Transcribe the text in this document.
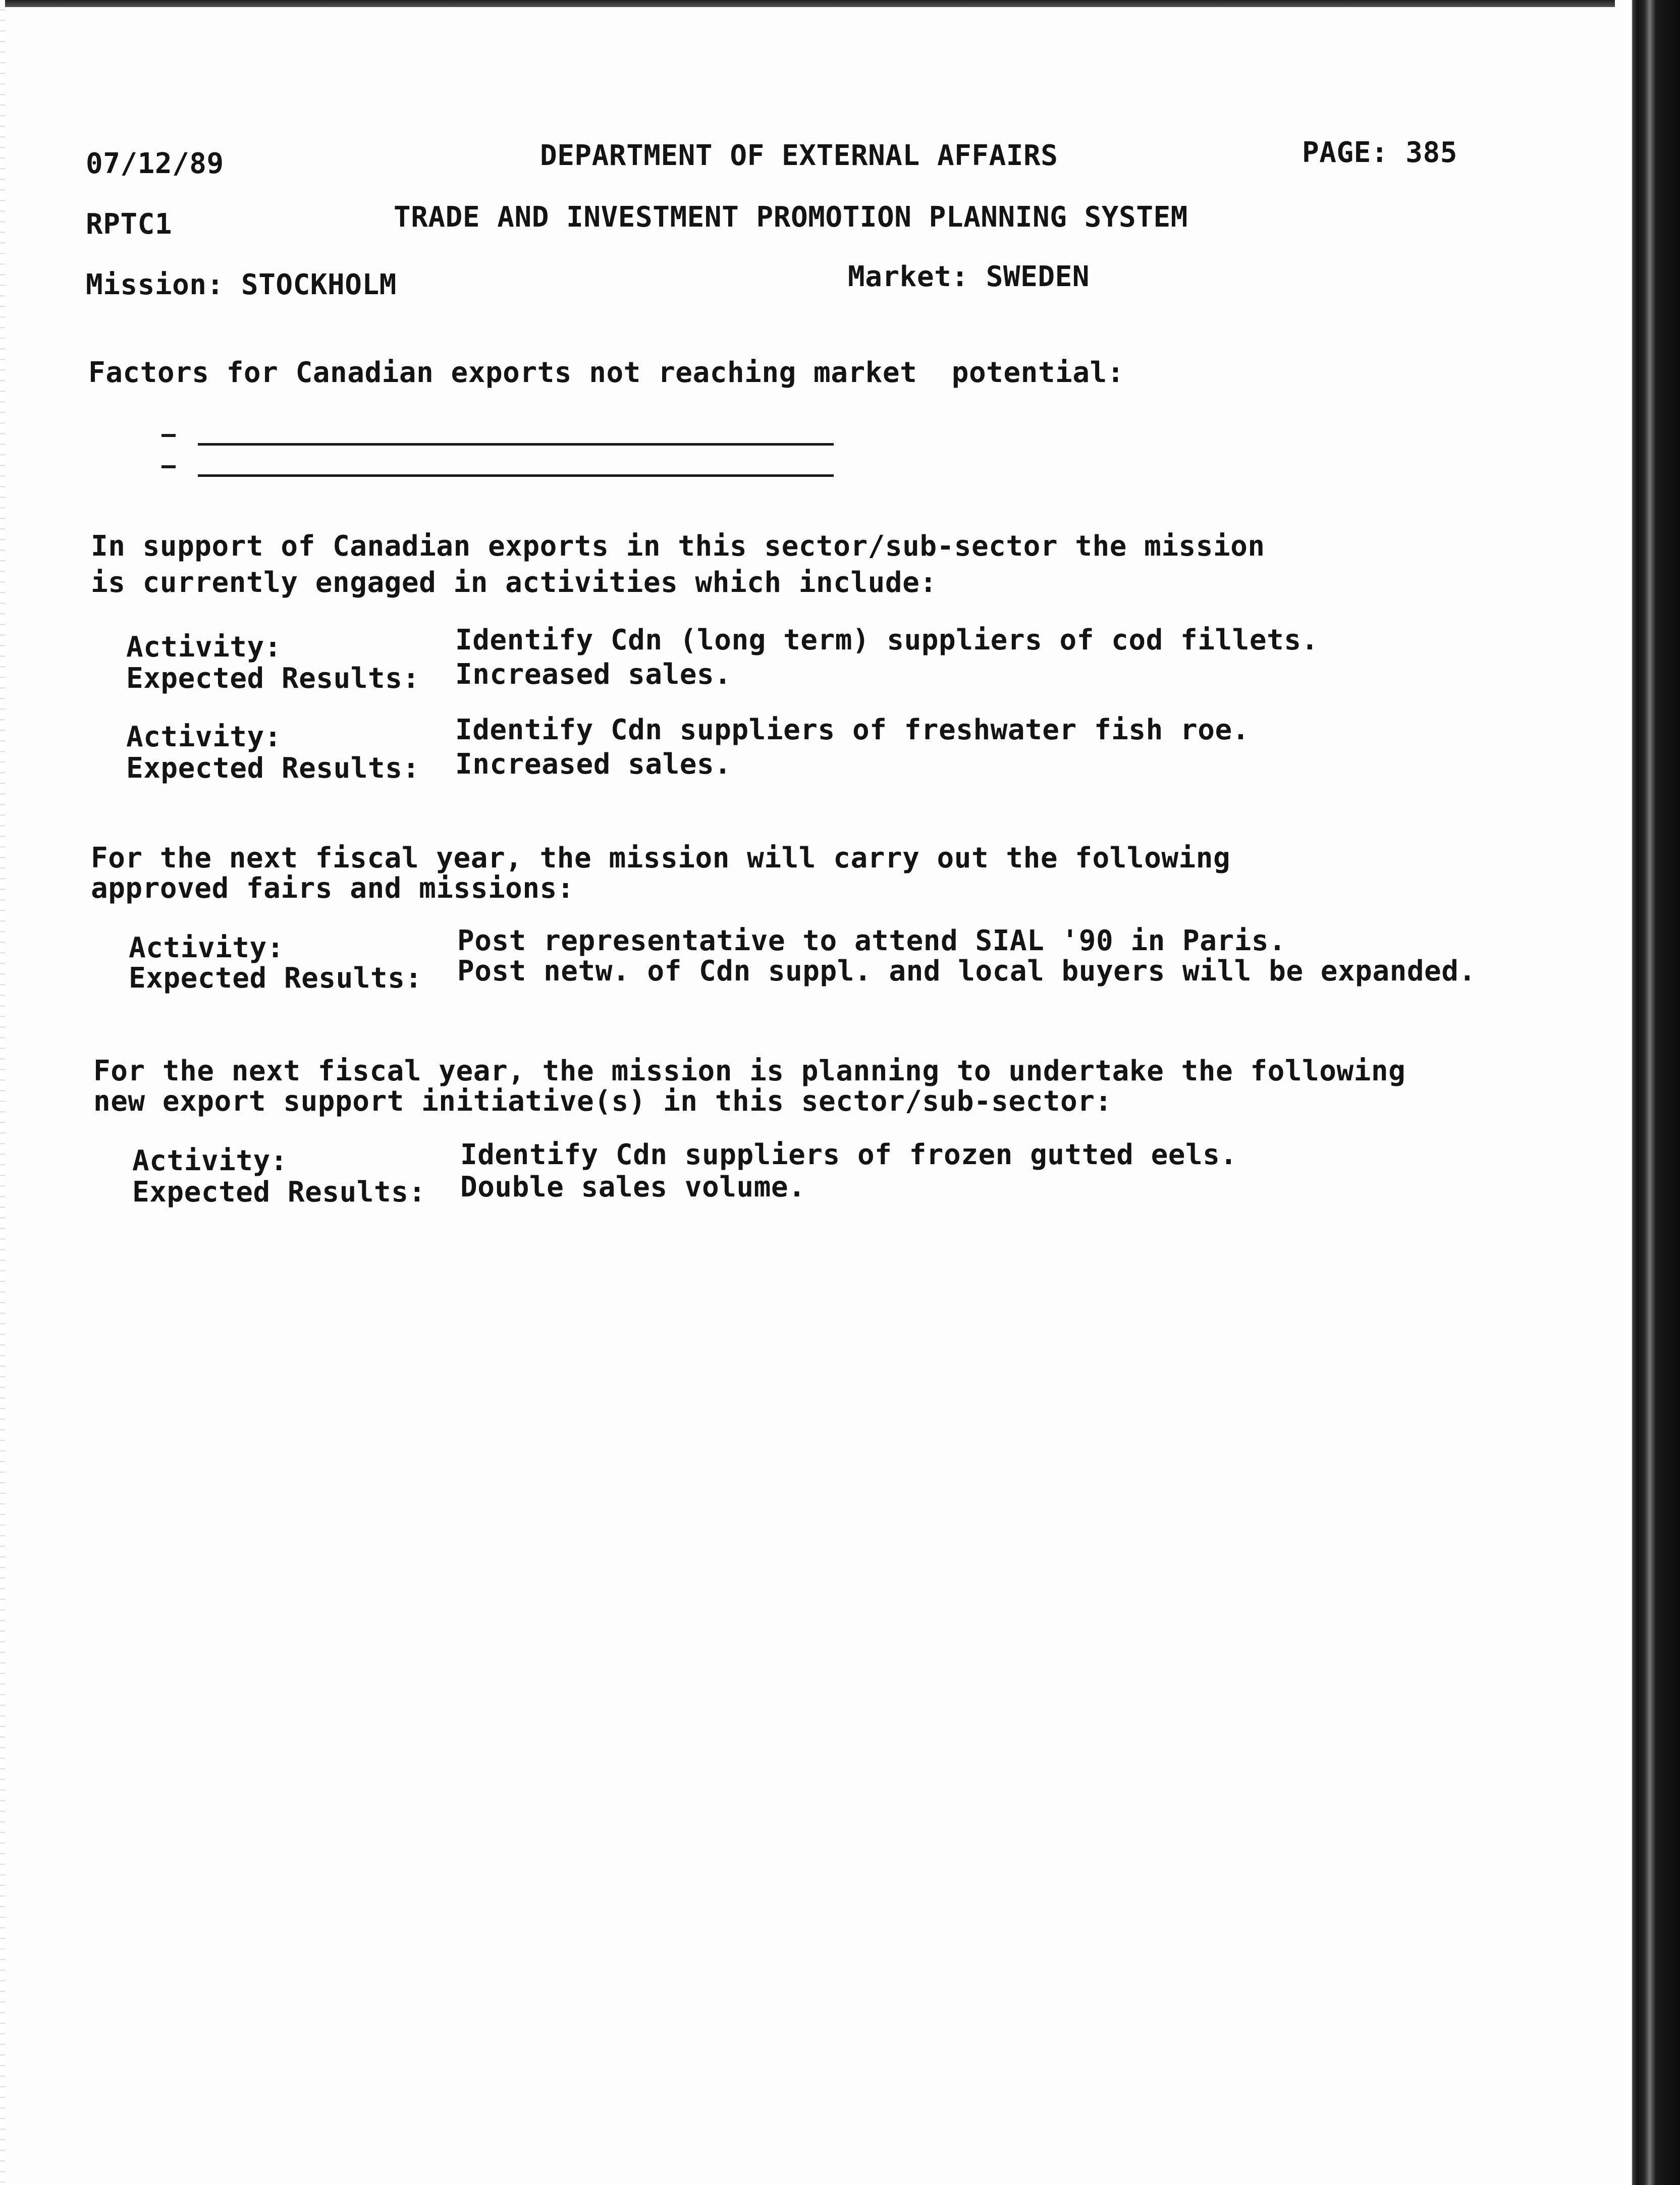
07/12/89	DEPARTMENT OF EXTERNAL AFFAIRS	PAGE: 385
RPTC1	TRADE AND INVESTMENT PROMOTION PLANNING SYSTEM
Mission: STOCKHOLM	Market: SWEDEN
Factors for Canadian exports not reaching market  potential:
In support of Canadian exports in this sector/sub-sector the mission
is currently engaged in activities which include:
Activity:	Identify Cdn (long term) suppliers of cod fillets.
Expected Results: Increased sales.
Activity:	Identify Cdn suppliers of freshwater fish roe.
Expected Results: Increased sales.
For the next fiscal year, the mission will carry out the following
approved fairs and missions:
Activity:	Post representative to attend SIAL '90 in Paris.
Expected Results: Post netw. of Cdn suppl. and local buyers will be expanded.
For the next fiscal year, the mission is planning to undertake the following
new export support initiative(s) in this sector/sub-sector:
Activity:	Identify Cdn suppliers of frozen gutted eels.
Expected Results: Double sales volume.
